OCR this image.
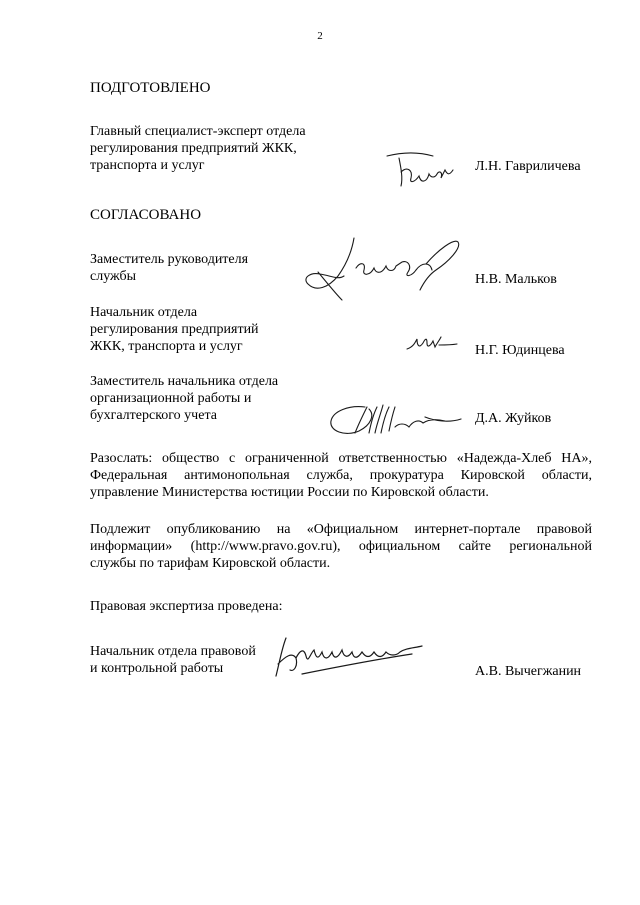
2
ПОДГОТОВЛЕНО
Главный специалист-эксперт отдела
регулирования предприятий ЖКК,
транспорта и услуг	Л.Н. Гавриличева
СОГЛАСОВАНО
Заместитель руководителя
службы	Н.В. Мальков
Начальник отдела
регулирования предприятий
ЖКК, транспорта и услуг	Н.Г. Юдинцева
Заместитель начальника отдела
организационной работы и
бухгалтерского учета	Д.А. Жуйков
Разослать: общество с ограниченной ответственностью «Надежда-Хлеб НА»,
Федеральная антимонопольная служба, прокуратура Кировской области,
управление Министерства юстиции России по Кировской области.
Подлежит опубликованию на «Официальном интернет-портале правовой
информации» (http://www.pravo.gov.ru), официальном сайте региональной
службы по тарифам Кировской области.
Правовая экспертиза проведена:
Начальник отдела правовой
и контрольной работы	А.В. Вычегжанин
